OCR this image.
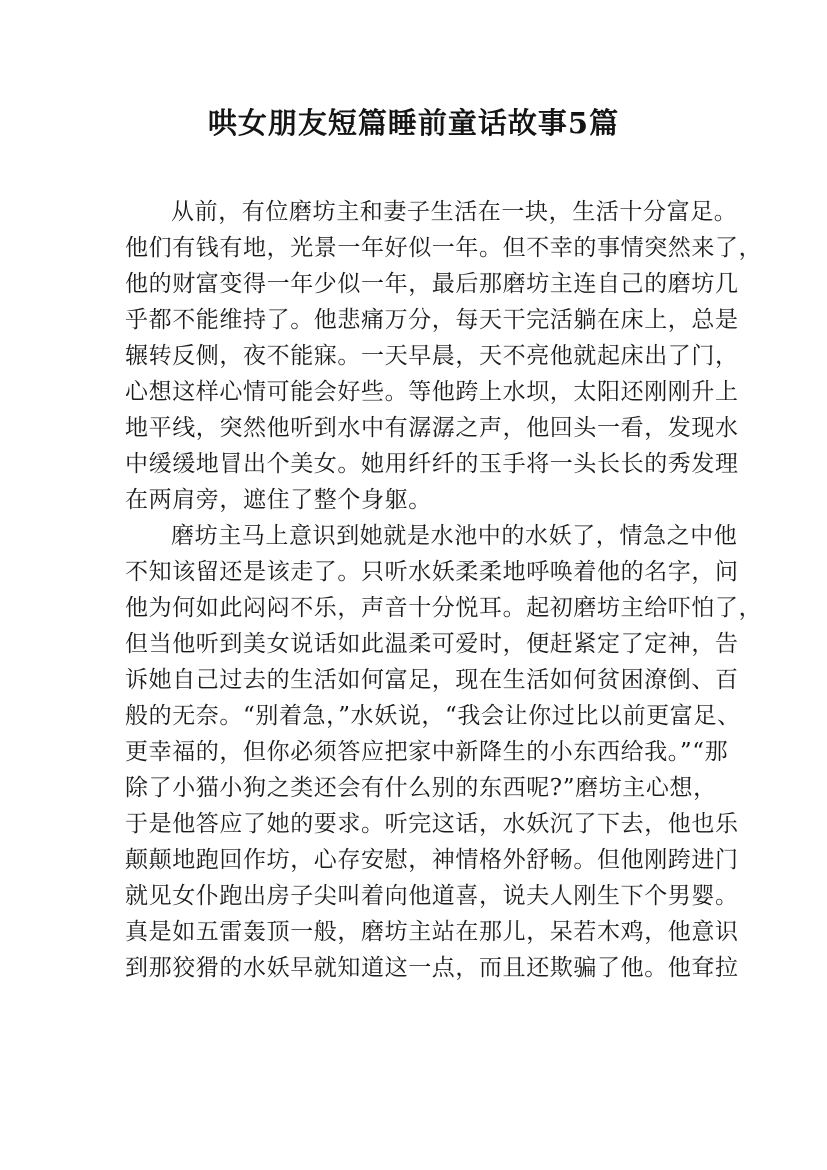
哄女朋友短篇睡前童话故事5篇

从前，有位磨坊主和妻子生活在一块，生活十分富足。

他们有钱有地，光景一年好似一年。但不幸的事情突然来了，

他的财富变得一年少似一年，最后那磨坊主连自己的磨坊几

乎都不能维持了。他悲痛万分，每天干完活躺在床上，总是

辗转反侧，夜不能寐。一天早晨，天不亮他就起床出了门，

心想这样心情可能会好些。等他跨上水坝，太阳还刚刚升上

地平线，突然他听到水中有潺潺之声，他回头一看，发现水

中缓缓地冒出个美女。她用纤纤的玉手将一头长长的秀发理

在两肩旁，遮住了整个身躯。

磨坊主马上意识到她就是水池中的水妖了，情急之中他

不知该留还是该走了。只听水妖柔柔地呼唤着他的名字，问

他为何如此闷闷不乐，声音十分悦耳。起初磨坊主给吓怕了，

但当他听到美女说话如此温柔可爱时，便赶紧定了定神，告

诉她自己过去的生活如何富足，现在生活如何贫困潦倒、百

般的无奈。“别着急，”水妖说，“我会让你过比以前更富足、

更幸福的，但你必须答应把家中新降生的小东西给我。”“那

除了小猫小狗之类还会有什么别的东西呢?”磨坊主心想，

于是他答应了她的要求。听完这话，水妖沉了下去，他也乐

颠颠地跑回作坊，心存安慰，神情格外舒畅。但他刚跨进门

就见女仆跑出房子尖叫着向他道喜，说夫人刚生下个男婴。

真是如五雷轰顶一般，磨坊主站在那儿，呆若木鸡，他意识

到那狡猾的水妖早就知道这一点，而且还欺骗了他。他耷拉
